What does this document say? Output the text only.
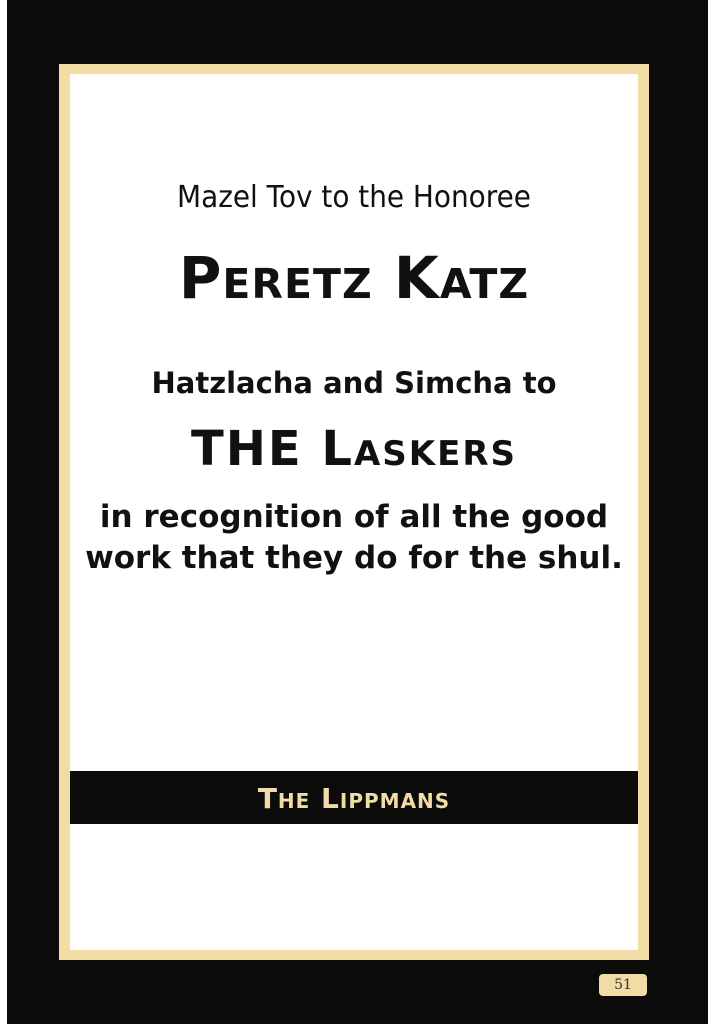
Mazel Tov to the Honoree
Peretz Katz
Hatzlacha and Simcha to
THE Laskers
in recognition of all the good
work that they do for the shul.
The Lippmans
51
